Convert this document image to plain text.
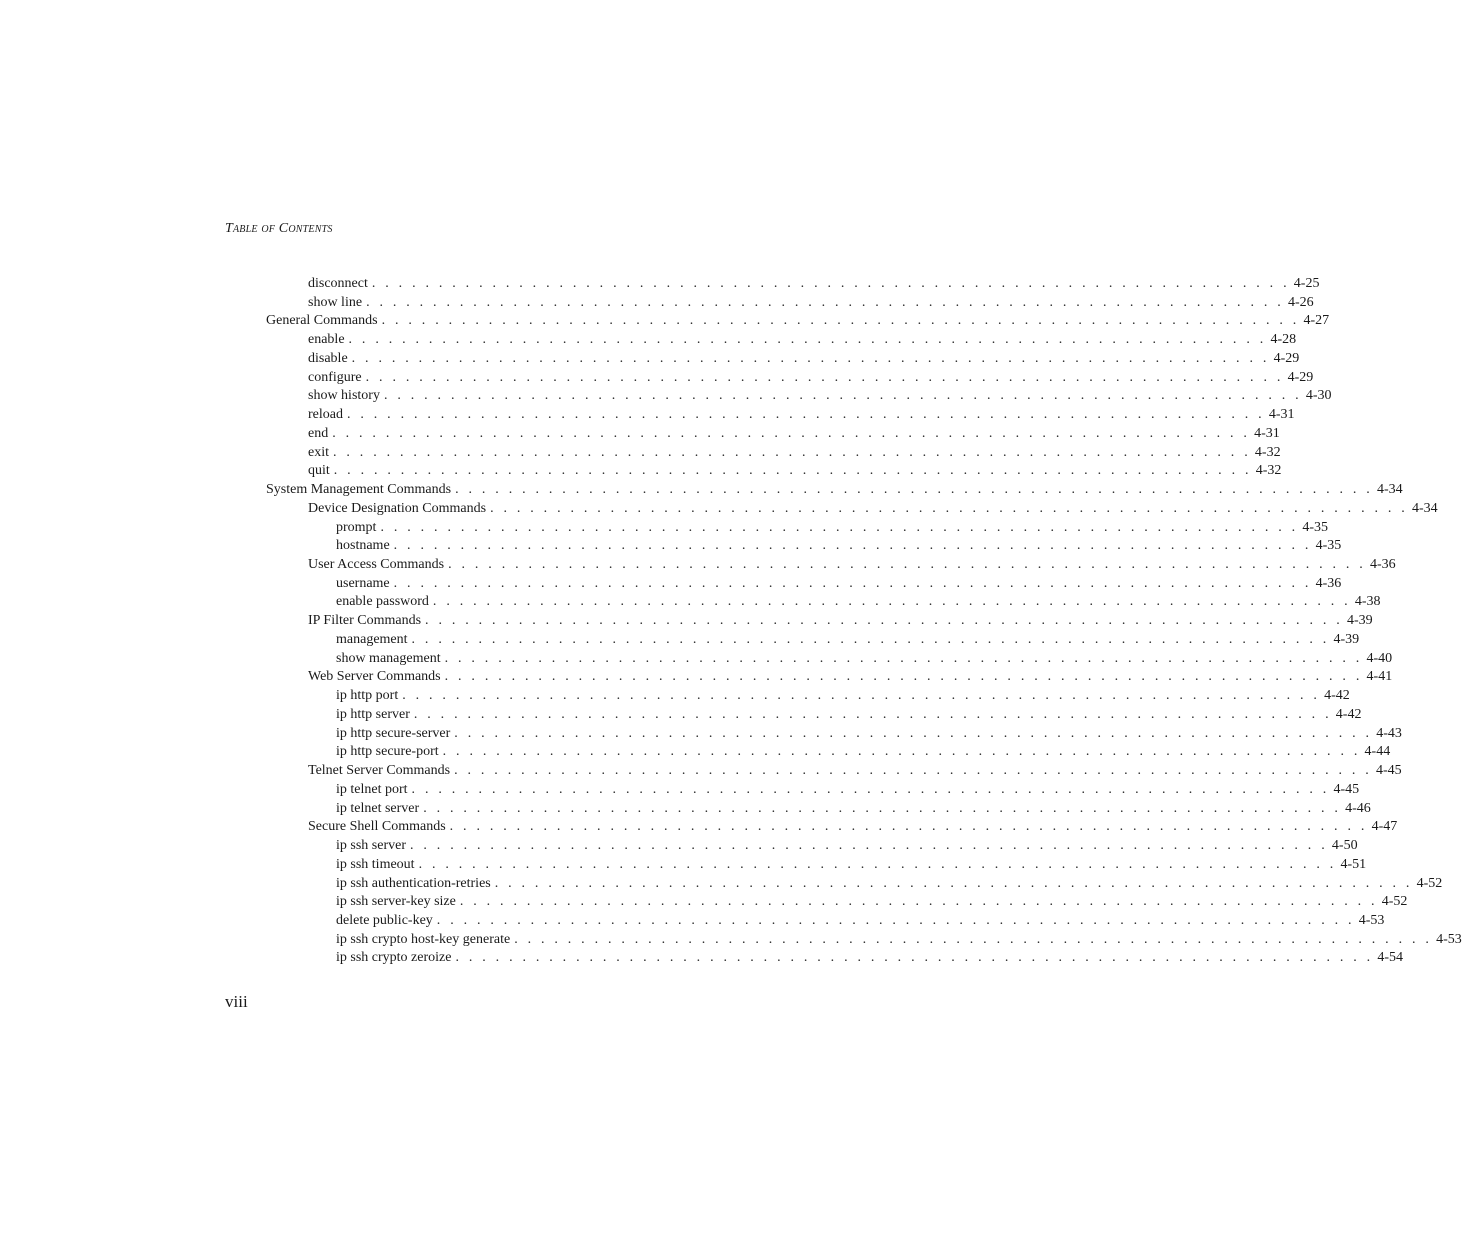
Table of Contents
disconnect . . . . . . . . . . . . . . . . . . . . . . . . . . . . . . . . . . . . . . . . . . . . . . . . . . . . . . . . . . . . . . . . . . . . . 4-25
show line . . . . . . . . . . . . . . . . . . . . . . . . . . . . . . . . . . . . . . . . . . . . . . . . . . . . . . . . . . . . . . . . . . . . . 4-26
General Commands . . . . . . . . . . . . . . . . . . . . . . . . . . . . . . . . . . . . . . . . . . . . . . . . . . . . . . . . . . . . . . . . . . . . . 4-27
enable . . . . . . . . . . . . . . . . . . . . . . . . . . . . . . . . . . . . . . . . . . . . . . . . . . . . . . . . . . . . . . . . . . . . . 4-28
disable . . . . . . . . . . . . . . . . . . . . . . . . . . . . . . . . . . . . . . . . . . . . . . . . . . . . . . . . . . . . . . . . . . . . . 4-29
configure . . . . . . . . . . . . . . . . . . . . . . . . . . . . . . . . . . . . . . . . . . . . . . . . . . . . . . . . . . . . . . . . . . . . . 4-29
show history . . . . . . . . . . . . . . . . . . . . . . . . . . . . . . . . . . . . . . . . . . . . . . . . . . . . . . . . . . . . . . . . . . . . . 4-30
reload . . . . . . . . . . . . . . . . . . . . . . . . . . . . . . . . . . . . . . . . . . . . . . . . . . . . . . . . . . . . . . . . . . . . . 4-31
end . . . . . . . . . . . . . . . . . . . . . . . . . . . . . . . . . . . . . . . . . . . . . . . . . . . . . . . . . . . . . . . . . . . . . 4-31
exit . . . . . . . . . . . . . . . . . . . . . . . . . . . . . . . . . . . . . . . . . . . . . . . . . . . . . . . . . . . . . . . . . . . . . 4-32
quit . . . . . . . . . . . . . . . . . . . . . . . . . . . . . . . . . . . . . . . . . . . . . . . . . . . . . . . . . . . . . . . . . . . . . 4-32
System Management Commands . . . . . . . . . . . . . . . . . . . . . . . . . . . . . . . . . . . . . . . . . . . . . . . . . . . . . . . . . . . . . . . . . . . . . 4-34
Device Designation Commands . . . . . . . . . . . . . . . . . . . . . . . . . . . . . . . . . . . . . . . . . . . . . . . . . . . . . . . . . . . . . . . . . . . . . 4-34
prompt . . . . . . . . . . . . . . . . . . . . . . . . . . . . . . . . . . . . . . . . . . . . . . . . . . . . . . . . . . . . . . . . . . . . . 4-35
hostname . . . . . . . . . . . . . . . . . . . . . . . . . . . . . . . . . . . . . . . . . . . . . . . . . . . . . . . . . . . . . . . . . . . . . 4-35
User Access Commands . . . . . . . . . . . . . . . . . . . . . . . . . . . . . . . . . . . . . . . . . . . . . . . . . . . . . . . . . . . . . . . . . . . . . 4-36
username . . . . . . . . . . . . . . . . . . . . . . . . . . . . . . . . . . . . . . . . . . . . . . . . . . . . . . . . . . . . . . . . . . . . . 4-36
enable password . . . . . . . . . . . . . . . . . . . . . . . . . . . . . . . . . . . . . . . . . . . . . . . . . . . . . . . . . . . . . . . . . . . . . 4-38
IP Filter Commands . . . . . . . . . . . . . . . . . . . . . . . . . . . . . . . . . . . . . . . . . . . . . . . . . . . . . . . . . . . . . . . . . . . . . 4-39
management . . . . . . . . . . . . . . . . . . . . . . . . . . . . . . . . . . . . . . . . . . . . . . . . . . . . . . . . . . . . . . . . . . . . . 4-39
show management . . . . . . . . . . . . . . . . . . . . . . . . . . . . . . . . . . . . . . . . . . . . . . . . . . . . . . . . . . . . . . . . . . . . . 4-40
Web Server Commands . . . . . . . . . . . . . . . . . . . . . . . . . . . . . . . . . . . . . . . . . . . . . . . . . . . . . . . . . . . . . . . . . . . . . 4-41
ip http port . . . . . . . . . . . . . . . . . . . . . . . . . . . . . . . . . . . . . . . . . . . . . . . . . . . . . . . . . . . . . . . . . . . . . 4-42
ip http server . . . . . . . . . . . . . . . . . . . . . . . . . . . . . . . . . . . . . . . . . . . . . . . . . . . . . . . . . . . . . . . . . . . . . 4-42
ip http secure-server . . . . . . . . . . . . . . . . . . . . . . . . . . . . . . . . . . . . . . . . . . . . . . . . . . . . . . . . . . . . . . . . . . . . . 4-43
ip http secure-port . . . . . . . . . . . . . . . . . . . . . . . . . . . . . . . . . . . . . . . . . . . . . . . . . . . . . . . . . . . . . . . . . . . . . 4-44
Telnet Server Commands . . . . . . . . . . . . . . . . . . . . . . . . . . . . . . . . . . . . . . . . . . . . . . . . . . . . . . . . . . . . . . . . . . . . . 4-45
ip telnet port . . . . . . . . . . . . . . . . . . . . . . . . . . . . . . . . . . . . . . . . . . . . . . . . . . . . . . . . . . . . . . . . . . . . . 4-45
ip telnet server . . . . . . . . . . . . . . . . . . . . . . . . . . . . . . . . . . . . . . . . . . . . . . . . . . . . . . . . . . . . . . . . . . . . . 4-46
Secure Shell Commands . . . . . . . . . . . . . . . . . . . . . . . . . . . . . . . . . . . . . . . . . . . . . . . . . . . . . . . . . . . . . . . . . . . . . 4-47
ip ssh server . . . . . . . . . . . . . . . . . . . . . . . . . . . . . . . . . . . . . . . . . . . . . . . . . . . . . . . . . . . . . . . . . . . . . 4-50
ip ssh timeout . . . . . . . . . . . . . . . . . . . . . . . . . . . . . . . . . . . . . . . . . . . . . . . . . . . . . . . . . . . . . . . . . . . . . 4-51
ip ssh authentication-retries . . . . . . . . . . . . . . . . . . . . . . . . . . . . . . . . . . . . . . . . . . . . . . . . . . . . . . . . . . . . . . . . . . . . . 4-52
ip ssh server-key size . . . . . . . . . . . . . . . . . . . . . . . . . . . . . . . . . . . . . . . . . . . . . . . . . . . . . . . . . . . . . . . . . . . . . 4-52
delete public-key . . . . . . . . . . . . . . . . . . . . . . . . . . . . . . . . . . . . . . . . . . . . . . . . . . . . . . . . . . . . . . . . . . . . . 4-53
ip ssh crypto host-key generate . . . . . . . . . . . . . . . . . . . . . . . . . . . . . . . . . . . . . . . . . . . . . . . . . . . . . . . . . . . . . . . . . . . . . 4-53
ip ssh crypto zeroize . . . . . . . . . . . . . . . . . . . . . . . . . . . . . . . . . . . . . . . . . . . . . . . . . . . . . . . . . . . . . . . . . . . . . 4-54
viii
